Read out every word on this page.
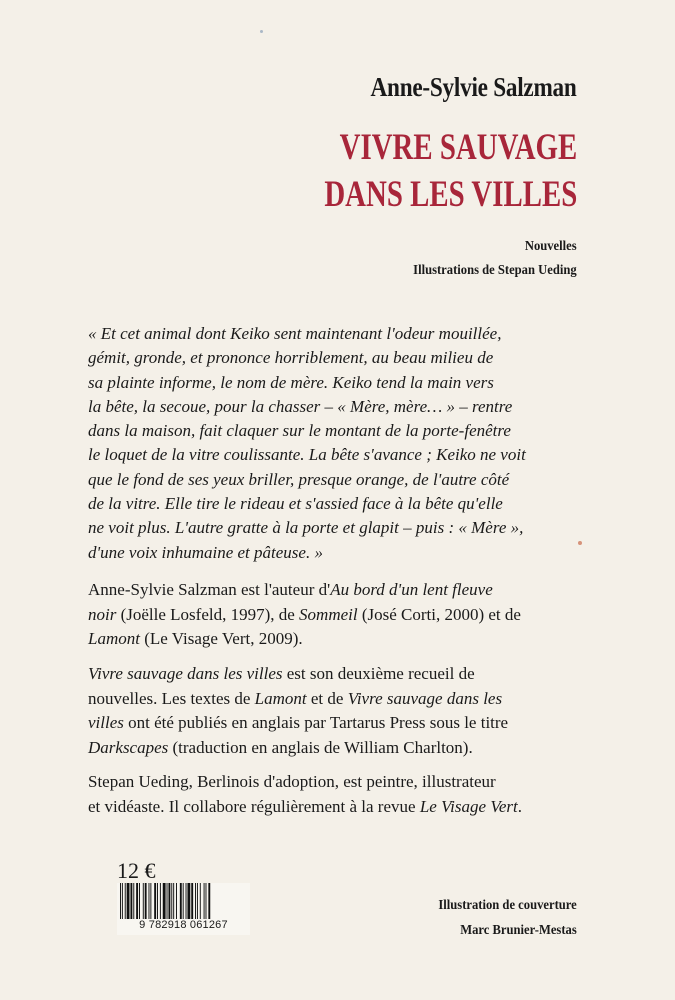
Anne-Sylvie Salzman
VIVRE SAUVAGE
DANS LES VILLES
Nouvelles
Illustrations de Stepan Ueding
« Et cet animal dont Keiko sent maintenant l'odeur mouillée,
gémit, gronde, et prononce horriblement, au beau milieu de
sa plainte informe, le nom de mère. Keiko tend la main vers
la bête, la secoue, pour la chasser – « Mère, mère… » – rentre
dans la maison, fait claquer sur le montant de la porte-fenêtre
le loquet de la vitre coulissante. La bête s'avance ; Keiko ne voit
que le fond de ses yeux briller, presque orange, de l'autre côté
de la vitre. Elle tire le rideau et s'assied face à la bête qu'elle
ne voit plus. L'autre gratte à la porte et glapit – puis : « Mère »,
d'une voix inhumaine et pâteuse. »
Anne-Sylvie Salzman est l'auteur d'Au bord d'un lent fleuve
noir (Joëlle Losfeld, 1997), de Sommeil (José Corti, 2000) et de
Lamont (Le Visage Vert, 2009).
Vivre sauvage dans les villes est son deuxième recueil de
nouvelles. Les textes de Lamont et de Vivre sauvage dans les
villes ont été publiés en anglais par Tartarus Press sous le titre
Darkscapes (traduction en anglais de William Charlton).
Stepan Ueding, Berlinois d'adoption, est peintre, illustrateur
et vidéaste. Il collabore régulièrement à la revue Le Visage Vert.
12 €
9 782918 061267
Illustration de couverture
Marc Brunier-Mestas
